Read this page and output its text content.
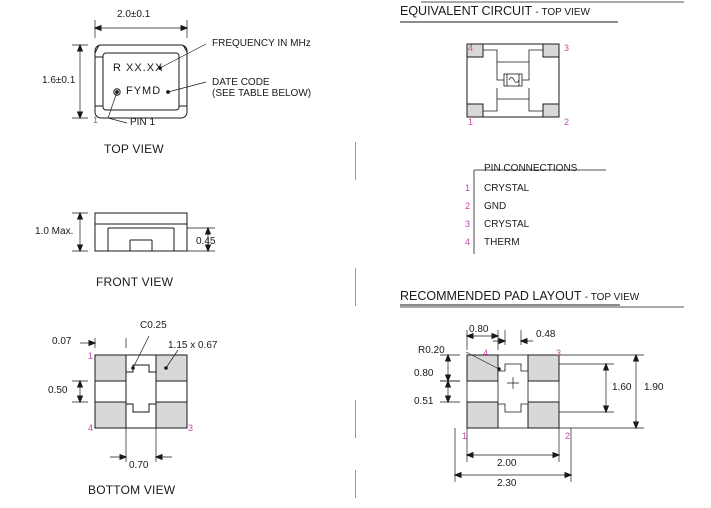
2.0±0.1
1.6±0.1
R XX.XX
FYMD
FREQUENCY IN MHz
DATE CODE
(SEE TABLE BELOW)
PIN 1
1
TOP VIEW
1.0 Max.
0.45
FRONT VIEW
C0.25
1.15 x 0.67
0.07
0.50
0.70
1
3
4
BOTTOM VIEW
EQUIVALENT CIRCUIT - TOP VIEW
4	3
1	2
PIN CONNECTIONS
1 CRYSTAL
2 GND
3 CRYSTAL
4 THERM
RECOMMENDED PAD LAYOUT - TOP VIEW
0.80	0.48
R0.20
0.80
0.51
1.60 1.90
2.00
2.30
4	3
1	2
